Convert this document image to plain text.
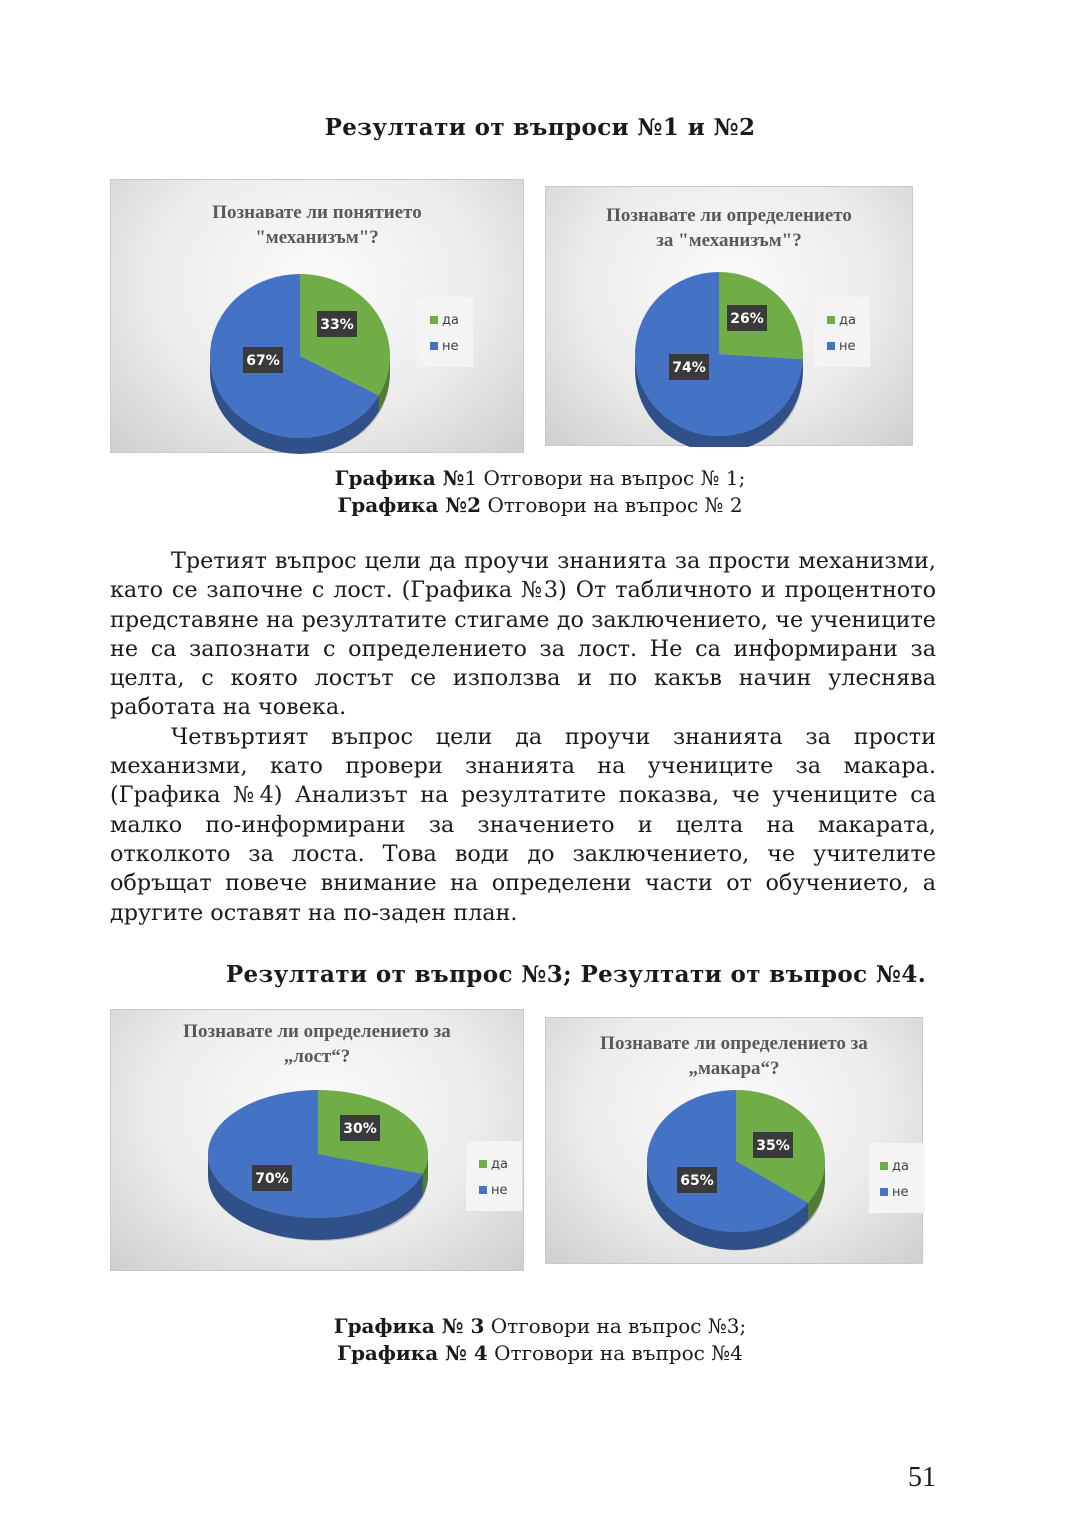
Резултати от въпроси №1 и №2
Познавате ли понятието
"механизъм"?
33%
67%
да
не
Познавате ли определението
за "механизъм"?
26%
74%
да
не
Графика №1 Отговори на въпрос № 1;
Графика №2 Отговори на въпрос № 2

Третият въпрос цели да проучи знанията за прости механизми, като се започне с лост. (Графика №3) От табличното и процентното представяне на резултатите стигаме до заключението, че учениците не са запознати с определението за лост. Не са информирани за целта, с която лостът се използва и по какъв начин улеснява работата на човека.

Четвъртият въпрос цели да проучи знанията за прости механизми, като провери знанията на учениците за макара. (Графика №4) Анализът на резултатите показва, че учениците са малко по-информирани за значението и целта на макарата, отколкото за лоста. Това води до заключението, че учителите обръщат повече внимание на определени части от обучението, а другите оставят на по-заден план.

Резултати от въпрос №3; Резултати от въпрос №4.
Познавате ли определението за
„лост“?
30%
70%
да
не
Познавате ли определението за
„макара“?
35%
65%
да
не
Графика № 3 Отговори на въпрос №3;
Графика № 4 Отговори на въпрос №4
51
